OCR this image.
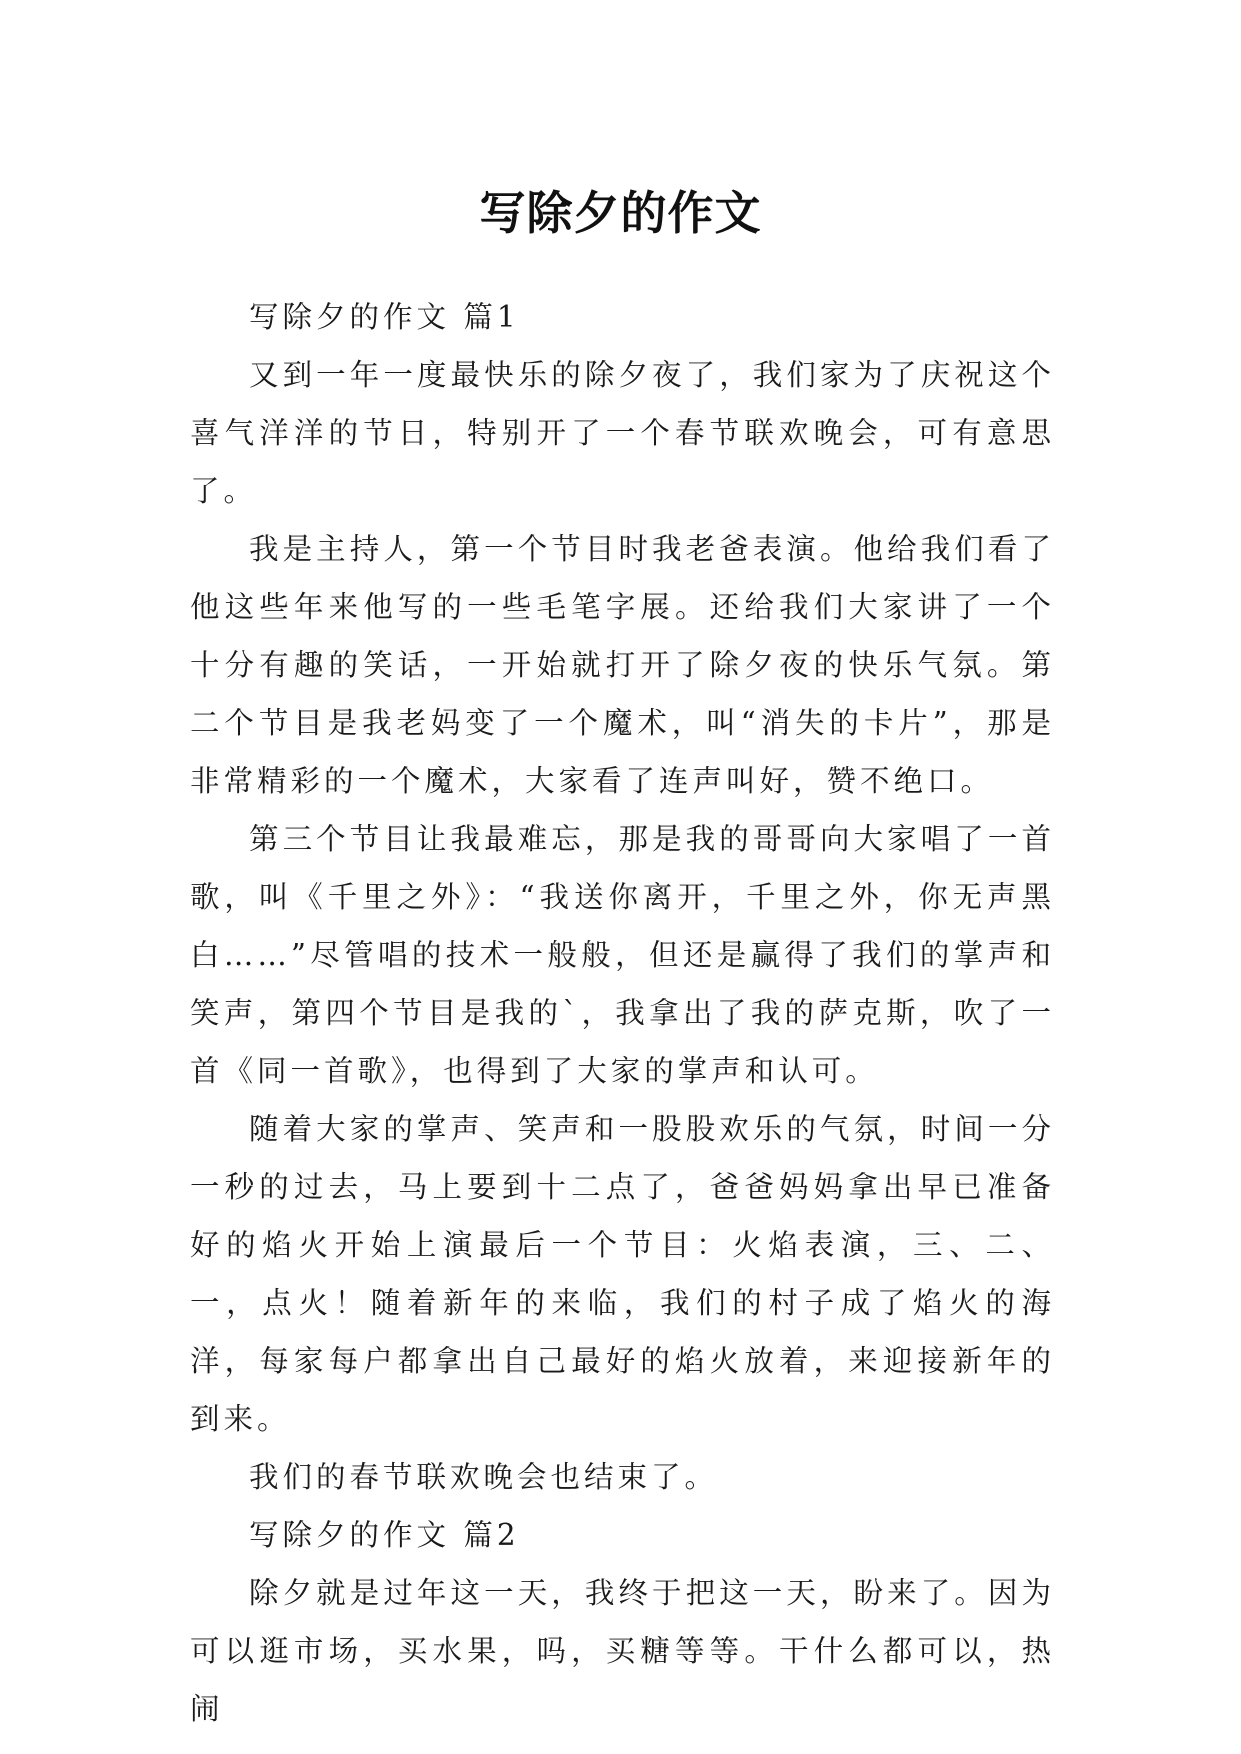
写除夕的作文

写除夕的作文 篇1

又到一年一度最快乐的除夕夜了，我们家为了庆祝这个喜气洋洋的节日，特别开了一个春节联欢晚会，可有意思了。

我是主持人，第一个节目时我老爸表演。他给我们看了他这些年来他写的一些毛笔字展。还给我们大家讲了一个十分有趣的笑话，一开始就打开了除夕夜的快乐气氛。第二个节目是我老妈变了一个魔术，叫“消失的卡片”，那是非常精彩的一个魔术，大家看了连声叫好，赞不绝口。

第三个节目让我最难忘，那是我的哥哥向大家唱了一首歌，叫《千里之外》：“我送你离开，千里之外，你无声黑白……”尽管唱的技术一般般，但还是赢得了我们的掌声和笑声，第四个节目是我的`，我拿出了我的萨克斯，吹了一首《同一首歌》，也得到了大家的掌声和认可。

随着大家的掌声、笑声和一股股欢乐的气氛，时间一分一秒的过去，马上要到十二点了，爸爸妈妈拿出早已准备好的焰火开始上演最后一个节目：火焰表演，三、二、一，点火！随着新年的来临，我们的村子成了焰火的海洋，每家每户都拿出自己最好的焰火放着，来迎接新年的到来。

我们的春节联欢晚会也结束了。

写除夕的作文 篇2

除夕就是过年这一天，我终于把这一天，盼来了。因为可以逛市场，买水果，吗，买糖等等。干什么都可以，热闹
